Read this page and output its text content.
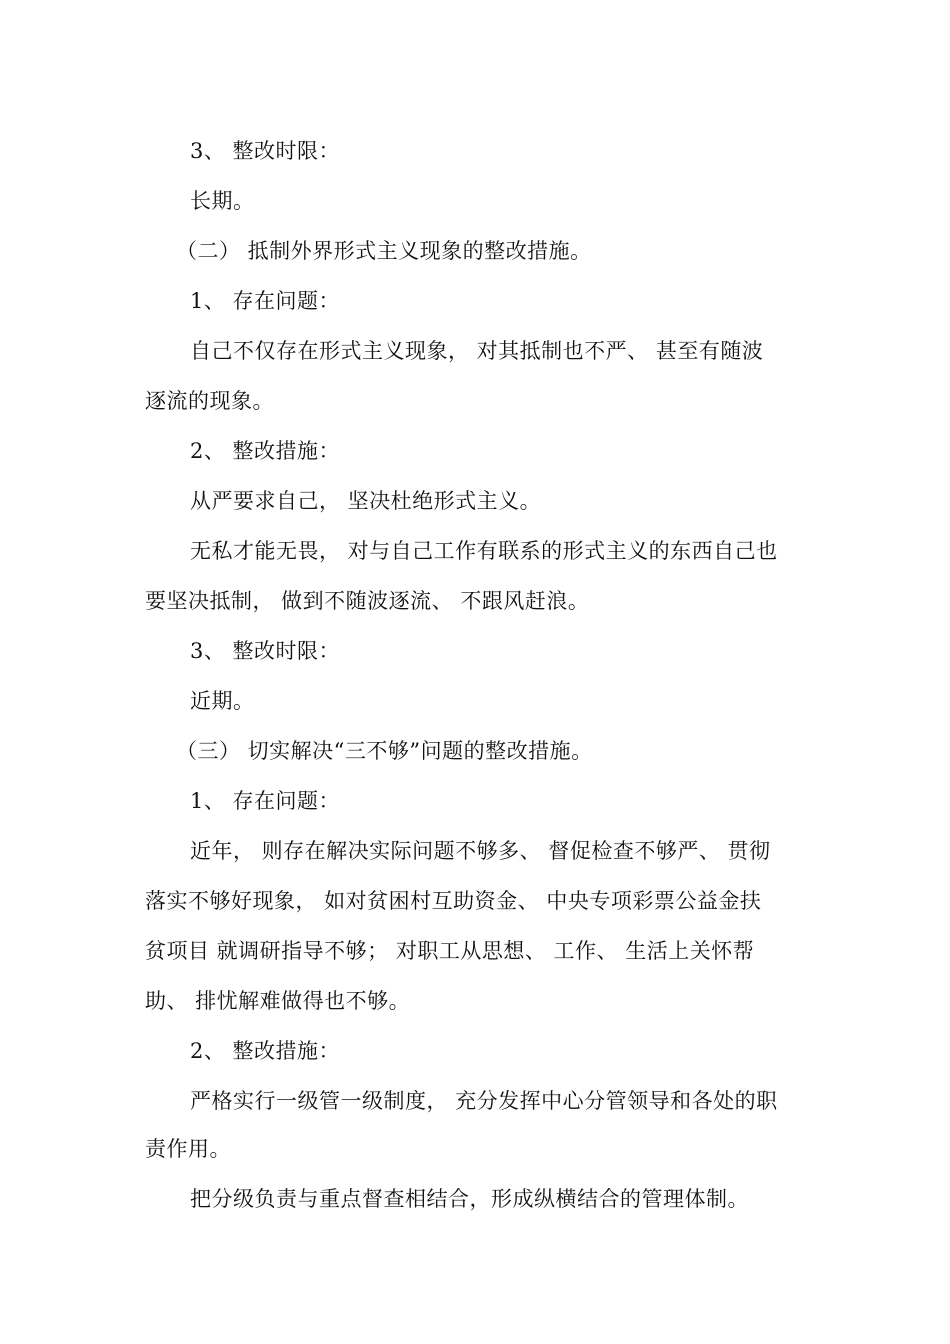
3、 整改时限：
长期。
（二） 抵制外界形式主义现象的整改措施。
1、 存在问题：
自己不仅存在形式主义现象， 对其抵制也不严、 甚至有随波
逐流的现象。
2、 整改措施：
从严要求自己， 坚决杜绝形式主义。
无私才能无畏， 对与自己工作有联系的形式主义的东西自己也
要坚决抵制， 做到不随波逐流、 不跟风赶浪。
3、 整改时限：
近期。
（三） 切实解决“三不够”问题的整改措施。
1、 存在问题：
近年， 则存在解决实际问题不够多、 督促检查不够严、 贯彻
落实不够好现象， 如对贫困村互助资金、 中央专项彩票公益金扶
贫项目 就调研指导不够； 对职工从思想、 工作、 生活上关怀帮
助、 排忧解难做得也不够。
2、 整改措施：
严格实行一级管一级制度， 充分发挥中心分管领导和各处的职
责作用。
把分级负责与重点督查相结合，形成纵横结合的管理体制。
